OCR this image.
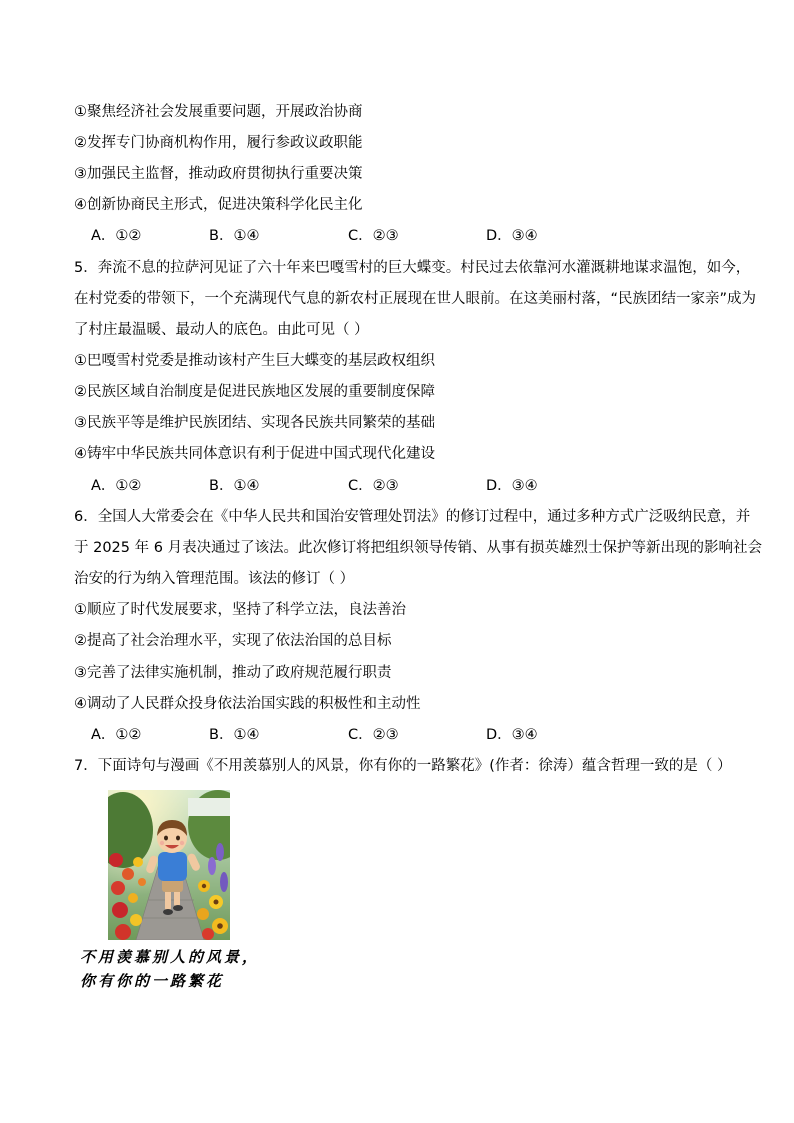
①聚焦经济社会发展重要问题，开展政治协商
②发挥专门协商机构作用，履行参政议政职能
③加强民主监督，推动政府贯彻执行重要决策
④创新协商民主形式，促进决策科学化民主化
A．①②	B．①④	C．②③	D．③④
5．奔流不息的拉萨河见证了六十年来巴嘎雪村的巨大蝶变。村民过去依靠河水灌溉耕地谋求温饱，如今，
在村党委的带领下，一个充满现代气息的新农村正展现在世人眼前。在这美丽村落，“民族团结一家亲”成为
了村庄最温暖、最动人的底色。由此可见（ ）
①巴嘎雪村党委是推动该村产生巨大蝶变的基层政权组织
②民族区域自治制度是促进民族地区发展的重要制度保障
③民族平等是维护民族团结、实现各民族共同繁荣的基础
④铸牢中华民族共同体意识有利于促进中国式现代化建设
A．①②	B．①④	C．②③	D．③④
6．全国人大常委会在《中华人民共和国治安管理处罚法》的修订过程中，通过多种方式广泛吸纳民意，并
于 2025 年 6 月表决通过了该法。此次修订将把组织领导传销、从事有损英雄烈士保护等新出现的影响社会
治安的行为纳入管理范围。该法的修订（ ）
①顺应了时代发展要求，坚持了科学立法，良法善治
②提高了社会治理水平，实现了依法治国的总目标
③完善了法律实施机制，推动了政府规范履行职责
④调动了人民群众投身依法治国实践的积极性和主动性
A．①②	B．①④	C．②③	D．③④
7．下面诗句与漫画《不用羡慕别人的风景，你有你的一路繁花》(作者：徐涛）蕴含哲理一致的是（ ）
不用羡慕别人的风景，
你有你的一路繁花
